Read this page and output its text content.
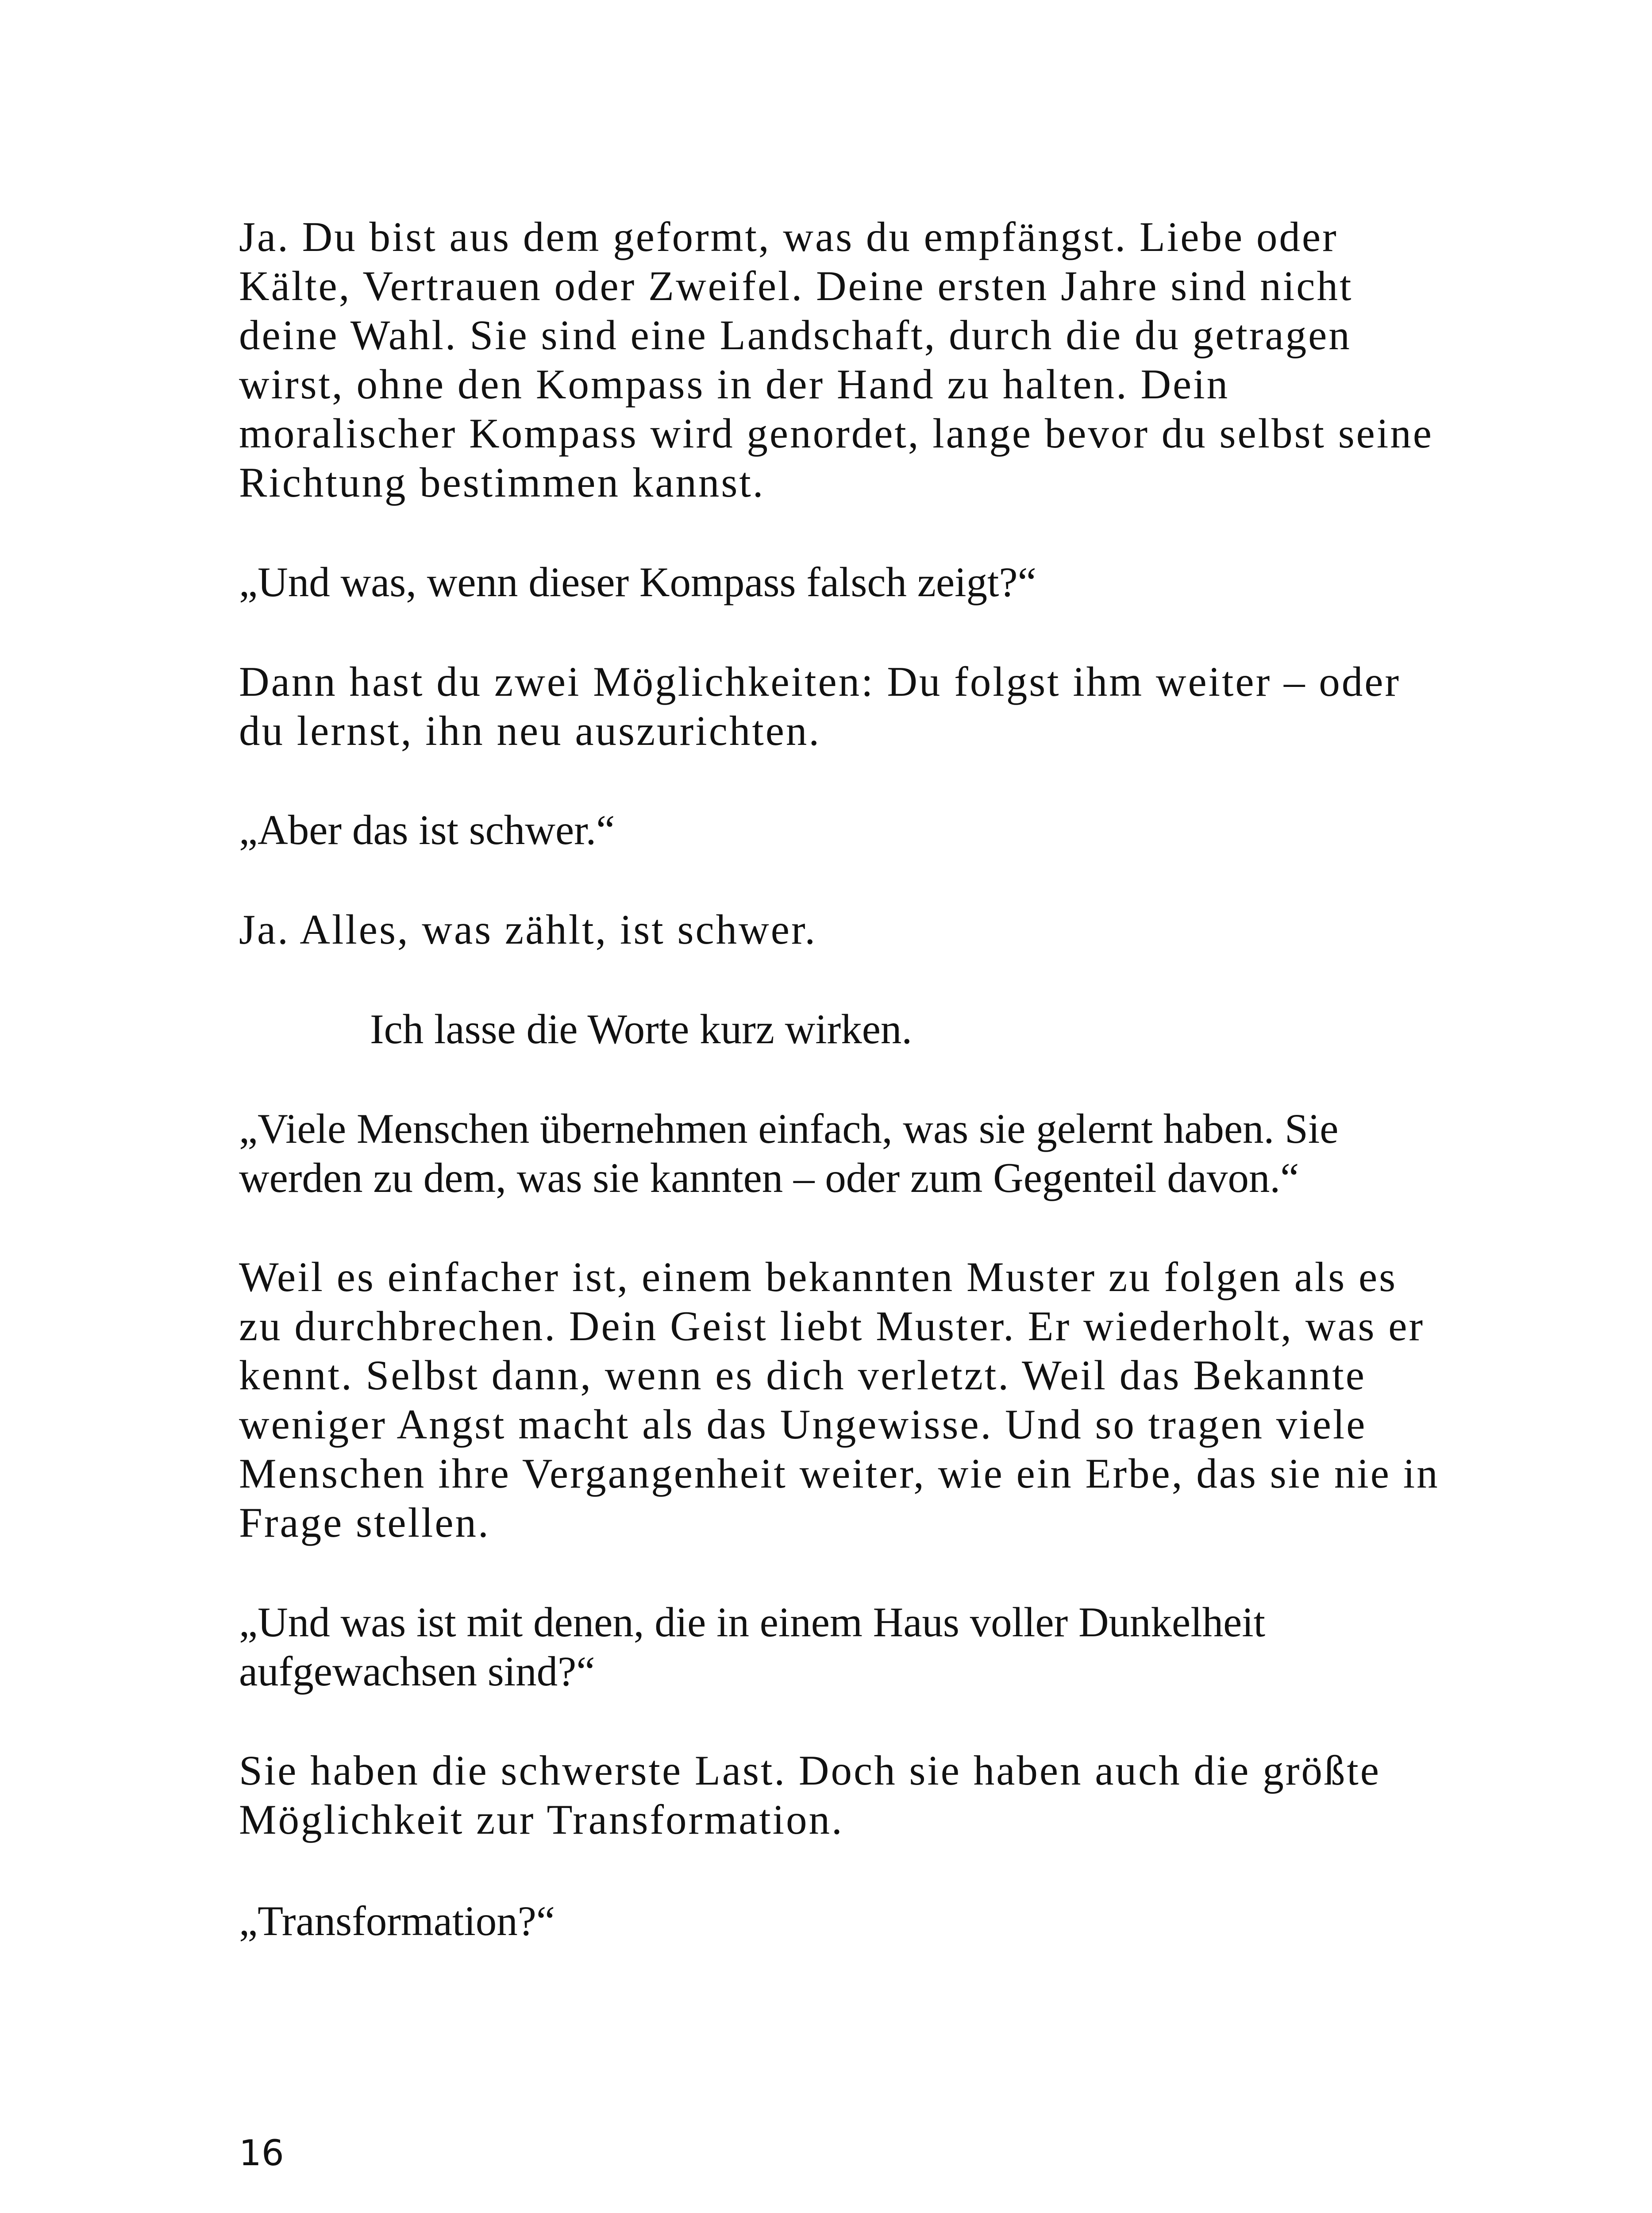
Ja. Du bist aus dem geformt, was du empfängst. Liebe oder
Kälte, Vertrauen oder Zweifel. Deine ersten Jahre sind nicht
deine Wahl. Sie sind eine Landschaft, durch die du getragen
wirst, ohne den Kompass in der Hand zu halten. Dein
moralischer Kompass wird genordet, lange bevor du selbst seine
Richtung bestimmen kannst.

„Und was, wenn dieser Kompass falsch zeigt?“

Dann hast du zwei Möglichkeiten: Du folgst ihm weiter – oder
du lernst, ihn neu auszurichten.

„Aber das ist schwer.“

Ja. Alles, was zählt, ist schwer.

Ich lasse die Worte kurz wirken.

„Viele Menschen übernehmen einfach, was sie gelernt haben. Sie
werden zu dem, was sie kannten – oder zum Gegenteil davon.“

Weil es einfacher ist, einem bekannten Muster zu folgen als es
zu durchbrechen. Dein Geist liebt Muster. Er wiederholt, was er
kennt. Selbst dann, wenn es dich verletzt. Weil das Bekannte
weniger Angst macht als das Ungewisse. Und so tragen viele
Menschen ihre Vergangenheit weiter, wie ein Erbe, das sie nie in
Frage stellen.

„Und was ist mit denen, die in einem Haus voller Dunkelheit
aufgewachsen sind?“

Sie haben die schwerste Last. Doch sie haben auch die größte
Möglichkeit zur Transformation.

„Transformation?“

16
